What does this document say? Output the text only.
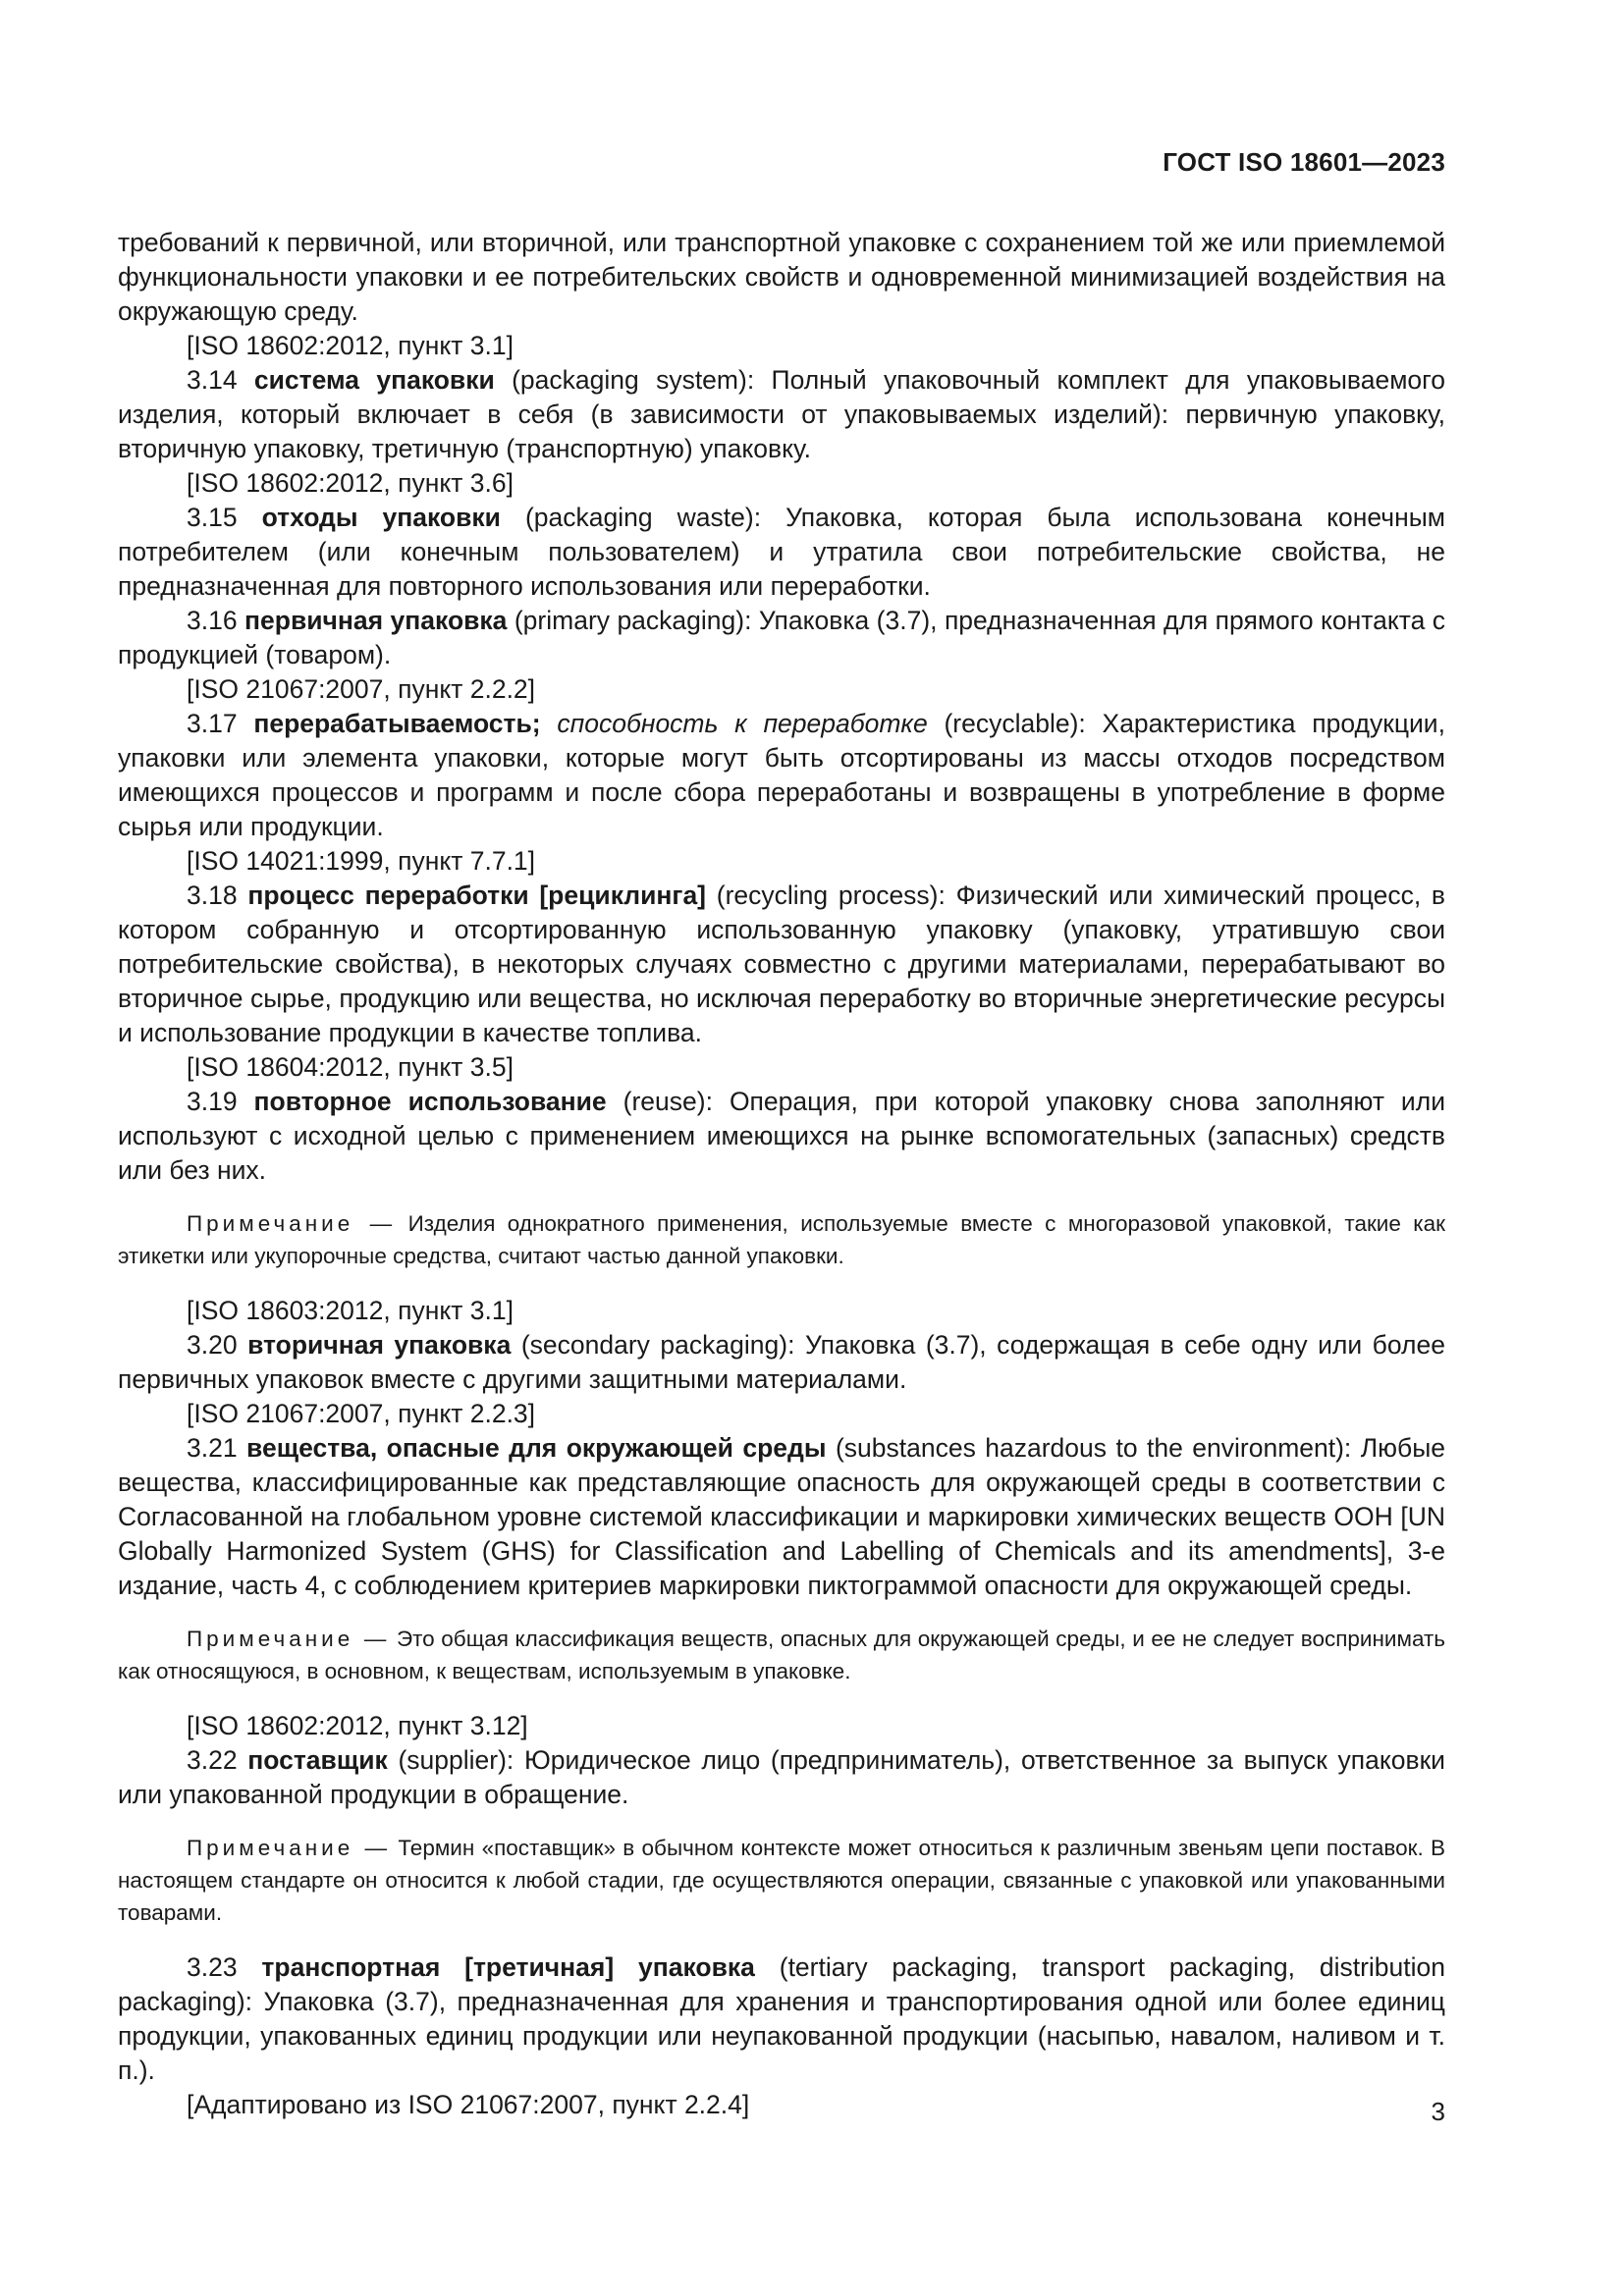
ГОСТ ISO 18601—2023

требований к первичной, или вторичной, или транспортной упаковке с сохранением той же или приемлемой функциональности упаковки и ее потребительских свойств и одновременной минимизацией воздействия на окружающую среду.

[ISO 18602:2012, пункт 3.1]

3.14 система упаковки (packaging system): Полный упаковочный комплект для упаковываемого изделия, который включает в себя (в зависимости от упаковываемых изделий): первичную упаковку, вторичную упаковку, третичную (транспортную) упаковку.

[ISO 18602:2012, пункт 3.6]

3.15 отходы упаковки (packaging waste): Упаковка, которая была использована конечным потребителем (или конечным пользователем) и утратила свои потребительские свойства, не предназначенная для повторного использования или переработки.

3.16 первичная упаковка (primary packaging): Упаковка (3.7), предназначенная для прямого контакта с продукцией (товаром).

[ISO 21067:2007, пункт 2.2.2]

3.17 перерабатываемость; способность к переработке (recyclable): Характеристика продукции, упаковки или элемента упаковки, которые могут быть отсортированы из массы отходов посредством имеющихся процессов и программ и после сбора переработаны и возвращены в употребление в форме сырья или продукции.

[ISO 14021:1999, пункт 7.7.1]

3.18 процесс переработки [рециклинга] (recycling process): Физический или химический процесс, в котором собранную и отсортированную использованную упаковку (упаковку, утратившую свои потребительские свойства), в некоторых случаях совместно с другими материалами, перерабатывают во вторичное сырье, продукцию или вещества, но исключая переработку во вторичные энергетические ресурсы и использование продукции в качестве топлива.

[ISO 18604:2012, пункт 3.5]

3.19 повторное использование (reuse): Операция, при которой упаковку снова заполняют или используют с исходной целью с применением имеющихся на рынке вспомогательных (запасных) средств или без них.

Примечание — Изделия однократного применения, используемые вместе с многоразовой упаковкой, такие как этикетки или укупорочные средства, считают частью данной упаковки.

[ISO 18603:2012, пункт 3.1]

3.20 вторичная упаковка (secondary packaging): Упаковка (3.7), содержащая в себе одну или более первичных упаковок вместе с другими защитными материалами.

[ISO 21067:2007, пункт 2.2.3]

3.21 вещества, опасные для окружающей среды (substances hazardous to the environment): Любые вещества, классифицированные как представляющие опасность для окружающей среды в соответствии с Согласованной на глобальном уровне системой классификации и маркировки химических веществ ООН [UN Globally Harmonized System (GHS) for Classification and Labelling of Chemicals and its amendments], 3-е издание, часть 4, с соблюдением критериев маркировки пиктограммой опасности для окружающей среды.

Примечание — Это общая классификация веществ, опасных для окружающей среды, и ее не следует воспринимать как относящуюся, в основном, к веществам, используемым в упаковке.

[ISO 18602:2012, пункт 3.12]

3.22 поставщик (supplier): Юридическое лицо (предприниматель), ответственное за выпуск упаковки или упакованной продукции в обращение.

Примечание — Термин «поставщик» в обычном контексте может относиться к различным звеньям цепи поставок. В настоящем стандарте он относится к любой стадии, где осуществляются операции, связанные с упаковкой или упакованными товарами.

3.23 транспортная [третичная] упаковка (tertiary packaging, transport packaging, distribution packaging): Упаковка (3.7), предназначенная для хранения и транспортирования одной или более единиц продукции, упакованных единиц продукции или неупакованной продукции (насыпью, навалом, наливом и т. п.).

[Адаптировано из ISO 21067:2007, пункт 2.2.4]	3
